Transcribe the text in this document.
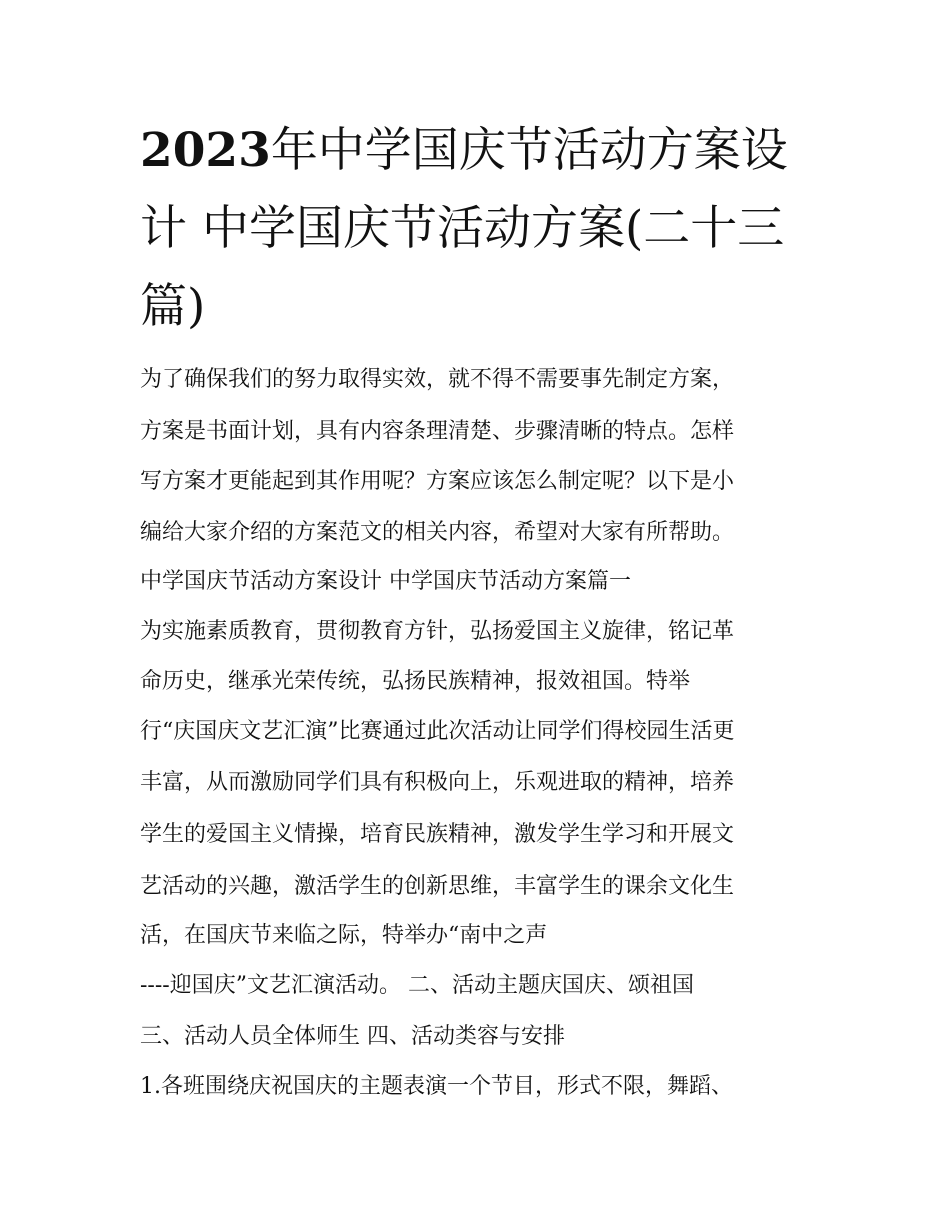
2023年中学国庆节活动方案设计 中学国庆节活动方案(二十三篇)
为了确保我们的努力取得实效，就不得不需要事先制定方案，
方案是书面计划，具有内容条理清楚、步骤清晰的特点。怎样
写方案才更能起到其作用呢？方案应该怎么制定呢？以下是小
编给大家介绍的方案范文的相关内容，希望对大家有所帮助。
中学国庆节活动方案设计 中学国庆节活动方案篇一
为实施素质教育，贯彻教育方针，弘扬爱国主义旋律，铭记革
命历史，继承光荣传统，弘扬民族精神，报效祖国。特举
行“庆国庆文艺汇演”比赛通过此次活动让同学们得校园生活更
丰富，从而激励同学们具有积极向上，乐观进取的精神，培养
学生的爱国主义情操，培育民族精神，激发学生学习和开展文
艺活动的兴趣，激活学生的创新思维，丰富学生的课余文化生
活，在国庆节来临之际，特举办“南中之声
----迎国庆”文艺汇演活动。 二、活动主题庆国庆、颂祖国
三、活动人员全体师生 四、活动类容与安排
1.各班围绕庆祝国庆的主题表演一个节目，形式不限，舞蹈、
